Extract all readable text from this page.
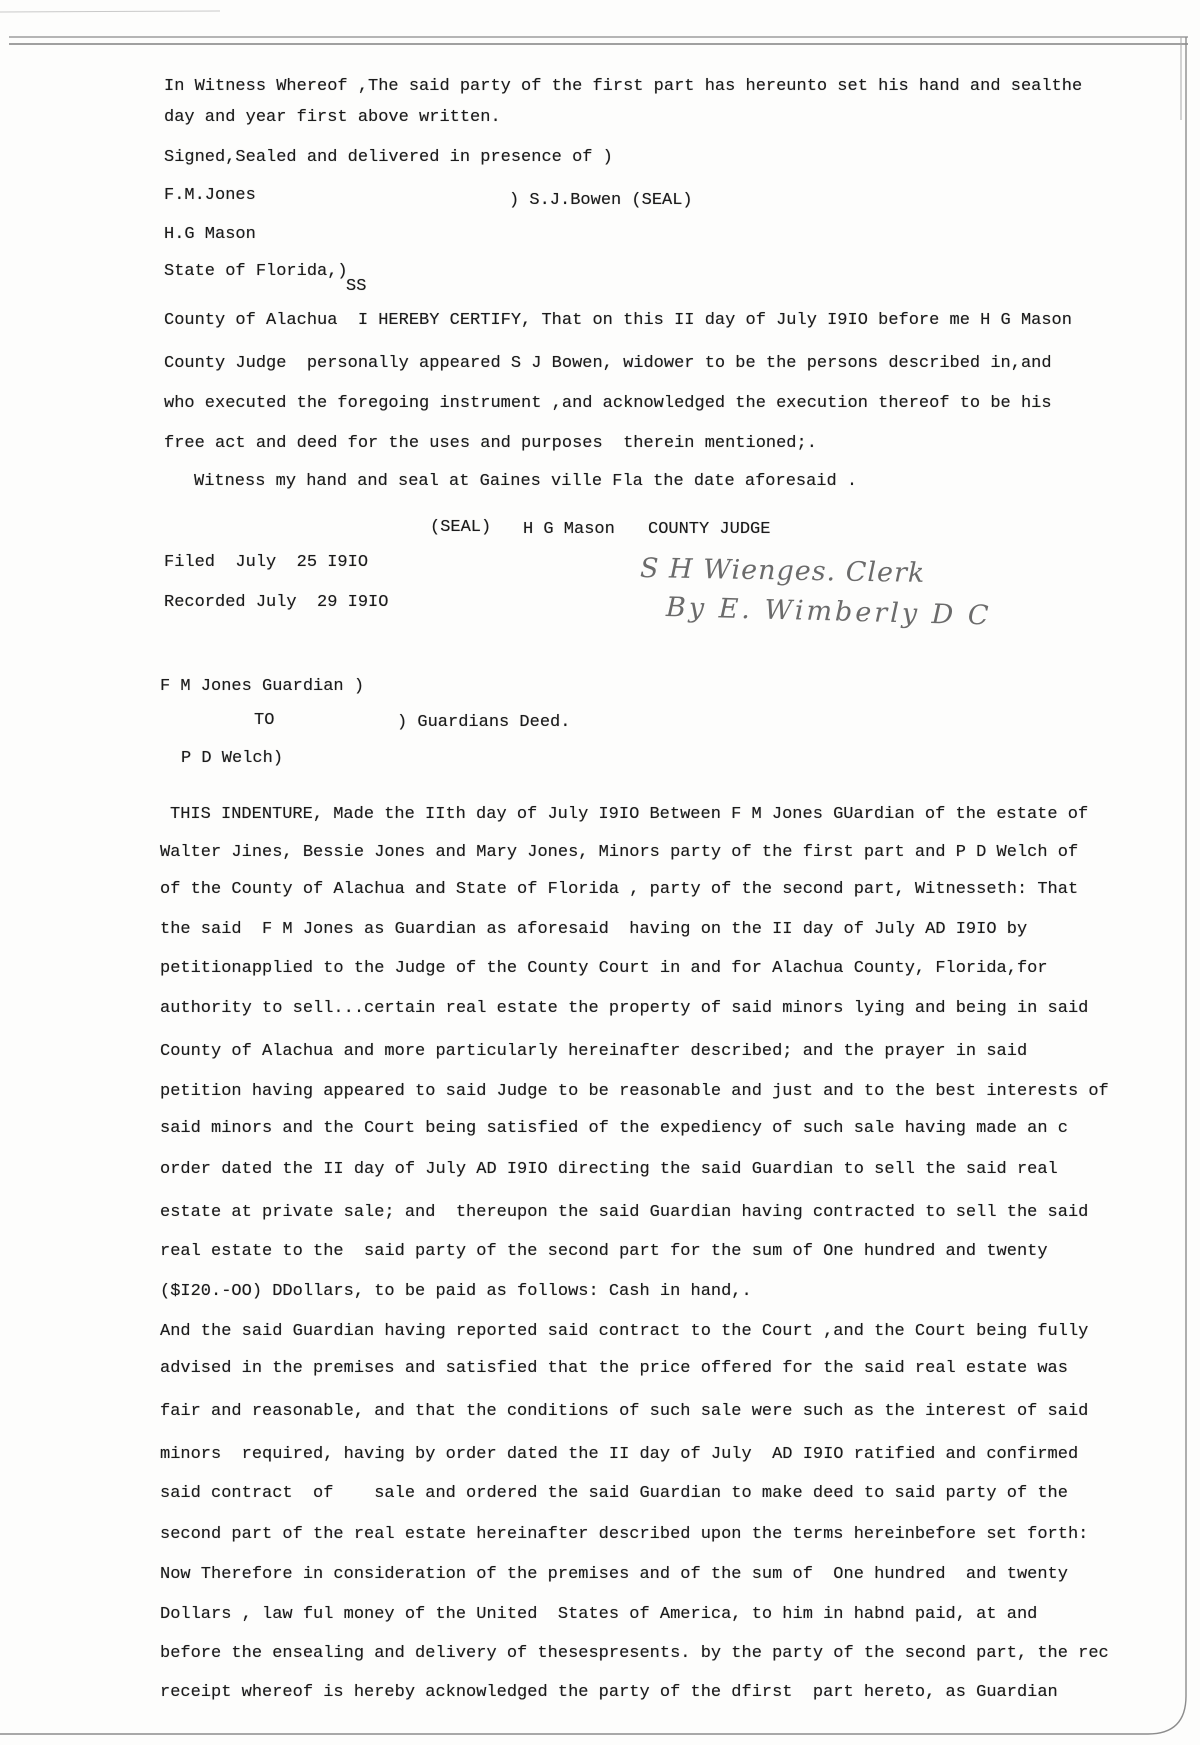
In Witness Whereof ,The said party of the first part has hereunto set his hand and sealthe
day and year first above written.
Signed,Sealed and delivered in presence of )
F.M.Jones	) S.J.Bowen (SEAL)
H.G Mason
State of Florida,)
SS
County of Alachua  I HEREBY CERTIFY, That on this II day of July I9IO before me H G Mason
County Judge  personally appeared S J Bowen, widower to be the persons described in,and
who executed the foregoing instrument ,and acknowledged the execution thereof to be his
free act and deed for the uses and purposes  therein mentioned;.
Witness my hand and seal at Gaines ville Fla the date aforesaid .
(SEAL) H G Mason COUNTY JUDGE
Filed  July  25 I9IO
Recorded July  29 I9IO
S H Wienges. Clerk
By E. Wimberly D C
F M Jones Guardian )
TO	) Guardians Deed.
P D Welch)
THIS INDENTURE, Made the IIth day of July I9IO Between F M Jones GUardian of the estate of
Walter Jines, Bessie Jones and Mary Jones, Minors party of the first part and P D Welch of
of the County of Alachua and State of Florida , party of the second part, Witnesseth: That
the said  F M Jones as Guardian as aforesaid  having on the II day of July AD I9IO by
petitionapplied to the Judge of the County Court in and for Alachua County, Florida,for
authority to sell...certain real estate the property of said minors lying and being in said
County of Alachua and more particularly hereinafter described; and the prayer in said
petition having appeared to said Judge to be reasonable and just and to the best interests of
said minors and the Court being satisfied of the expediency of such sale having made an c
order dated the II day of July AD I9IO directing the said Guardian to sell the said real
estate at private sale; and  thereupon the said Guardian having contracted to sell the said
real estate to the  said party of the second part for the sum of One hundred and twenty
($I20.-OO) DDollars, to be paid as follows: Cash in hand,.
And the said Guardian having reported said contract to the Court ,and the Court being fully
advised in the premises and satisfied that the price offered for the said real estate was
fair and reasonable, and that the conditions of such sale were such as the interest of said
minors  required, having by order dated the II day of July  AD I9IO ratified and confirmed
said contract  of    sale and ordered the said Guardian to make deed to said party of the
second part of the real estate hereinafter described upon the terms hereinbefore set forth:
Now Therefore in consideration of the premises and of the sum of  One hundred  and twenty
Dollars , law ful money of the United  States of America, to him in habnd paid, at and
before the ensealing and delivery of thesespresents. by the party of the second part, the rec
receipt whereof is hereby acknowledged the party of the dfirst  part hereto, as Guardian
